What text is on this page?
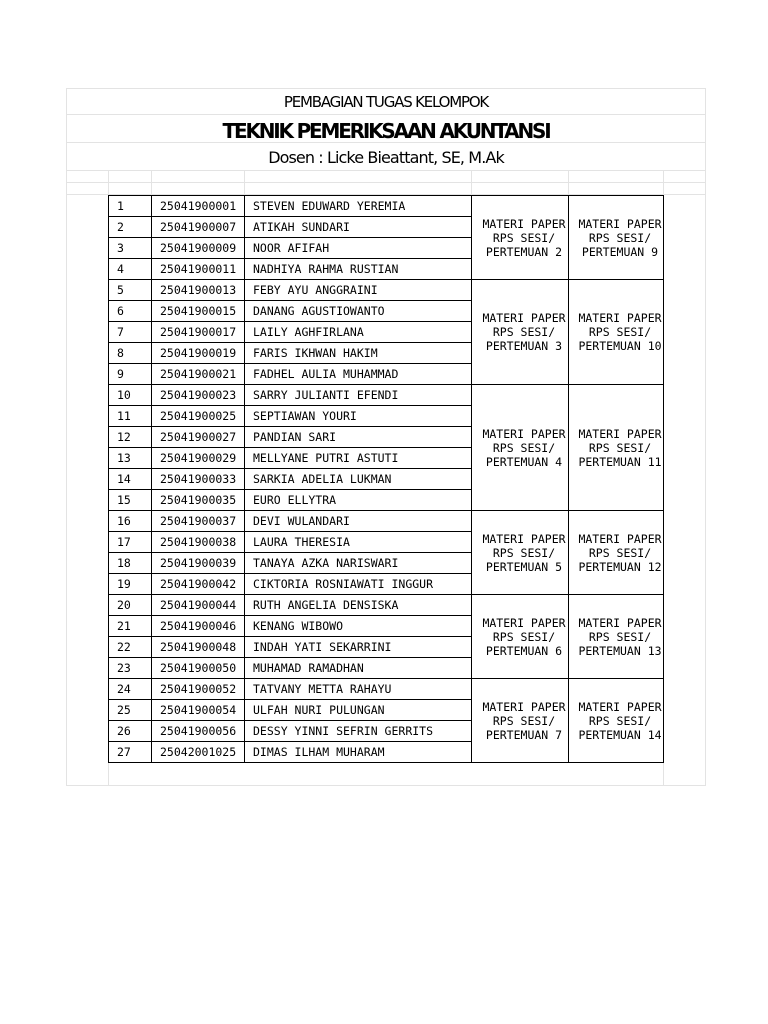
PEMBAGIAN TUGAS KELOMPOK
TEKNIK PEMERIKSAAN AKUNTANSI
Dosen : Licke Bieattant, SE, M.Ak
1	25041900001	STEVEN EDUWARD YEREMIA	MATERI PAPER
RPS SESI/
PERTEMUAN 2	MATERI PAPER
RPS SESI/
PERTEMUAN 9

2	25041900007	ATIKAH SUNDARI		
3	25041900009	NOOR AFIFAH		
4	25041900011	NADHIYA RAHMA RUSTIAN		
5	25041900013	FEBY AYU ANGGRAINI	MATERI PAPER
RPS SESI/
PERTEMUAN 3	MATERI PAPER
RPS SESI/
PERTEMUAN 10

6	25041900015	DANANG AGUSTIOWANTO		
7	25041900017	LAILY AGHFIRLANA		
8	25041900019	FARIS IKHWAN HAKIM		
9	25041900021	FADHEL AULIA MUHAMMAD		
10	25041900023	SARRY JULIANTI EFENDI	MATERI PAPER
RPS SESI/
PERTEMUAN 4	MATERI PAPER
RPS SESI/
PERTEMUAN 11

11	25041900025	SEPTIAWAN YOURI		
12	25041900027	PANDIAN SARI		
13	25041900029	MELLYANE PUTRI ASTUTI		
14	25041900033	SARKIA ADELIA LUKMAN		
15	25041900035	EURO ELLYTRA		
16	25041900037	DEVI WULANDARI	MATERI PAPER
RPS SESI/
PERTEMUAN 5	MATERI PAPER
RPS SESI/
PERTEMUAN 12

17	25041900038	LAURA THERESIA		
18	25041900039	TANAYA AZKA NARISWARI		
19	25041900042	CIKTORIA ROSNIAWATI INGGUR		
20	25041900044	RUTH ANGELIA DENSISKA	MATERI PAPER
RPS SESI/
PERTEMUAN 6	MATERI PAPER
RPS SESI/
PERTEMUAN 13

21	25041900046	KENANG WIBOWO		
22	25041900048	INDAH YATI SEKARRINI		
23	25041900050	MUHAMAD RAMADHAN		
24	25041900052	TATVANY METTA RAHAYU	MATERI PAPER
RPS SESI/
PERTEMUAN 7	MATERI PAPER
RPS SESI/
PERTEMUAN 14

25	25041900054	ULFAH NURI PULUNGAN		
26	25041900056	DESSY YINNI SEFRIN GERRITS		
27	25042001025	DIMAS ILHAM MUHARAM		
